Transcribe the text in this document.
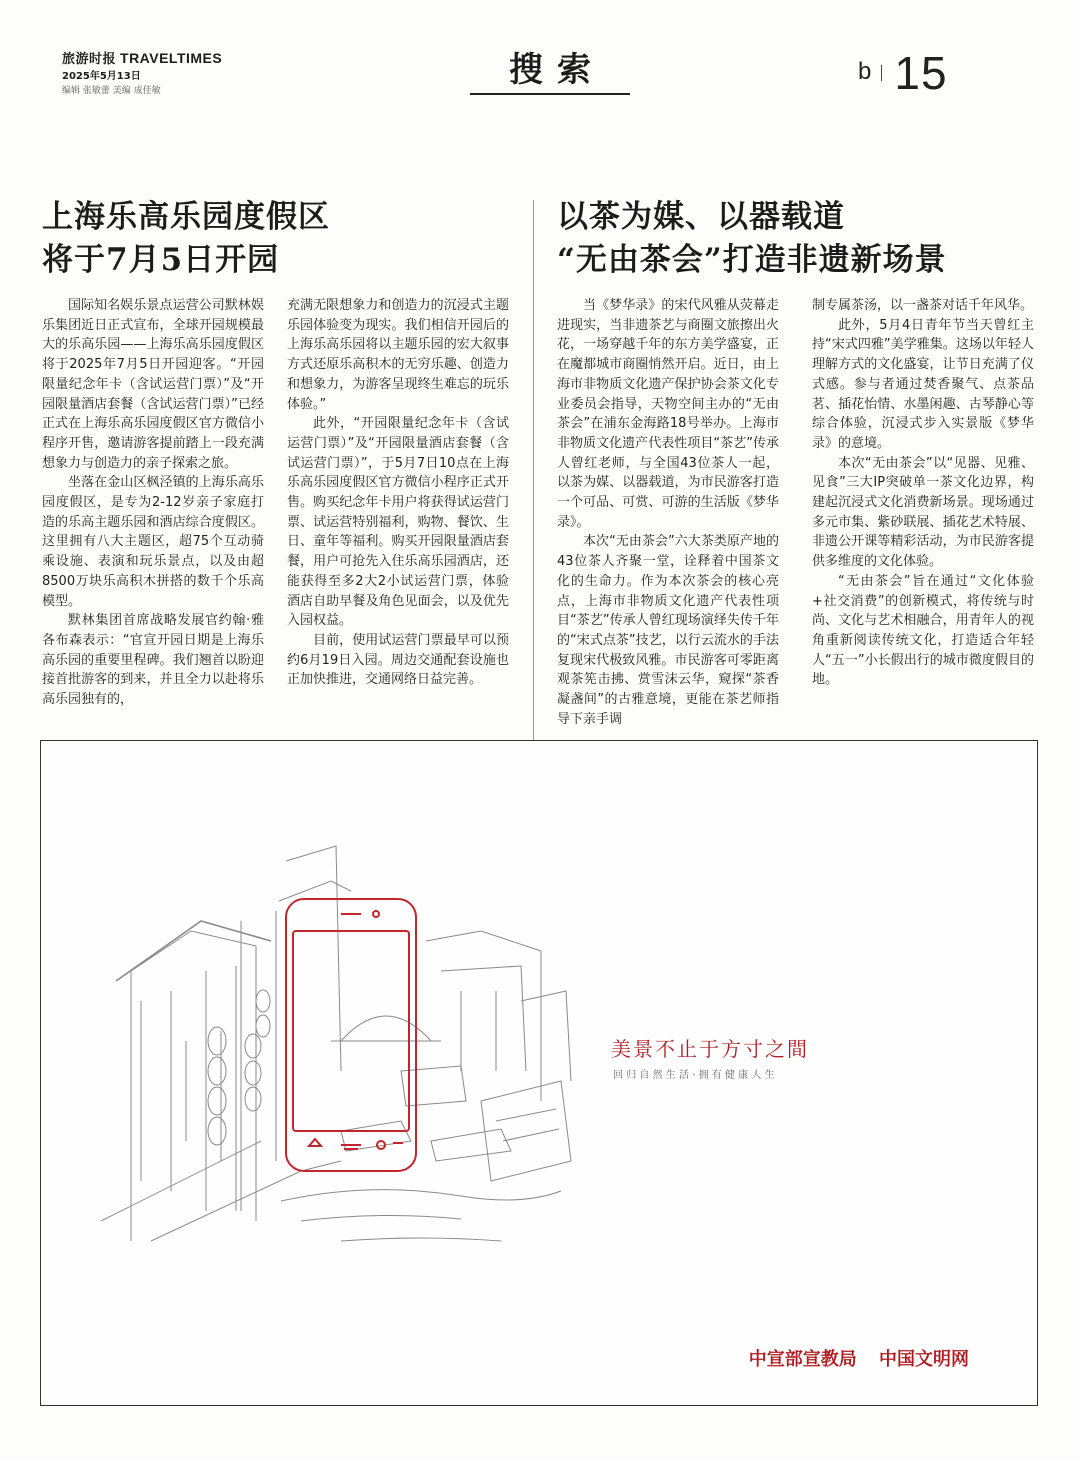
旅游时报 TRAVELTIMES
2025年5月13日
编辑 张敏蕾 美编 成佳敏
搜索	b 15
上海乐高乐园度假区
将于7月5日开园

国际知名娱乐景点运营公司默林娱乐集团近日正式宣布，全球开园规模最大的乐高乐园——上海乐高乐园度假区将于2025年7月5日开园迎客。“开园限量纪念年卡（含试运营门票）”及“开园限量酒店套餐（含试运营门票）”已经正式在上海乐高乐园度假区官方微信小程序开售，邀请游客提前踏上一段充满想象力与创造力的亲子探索之旅。

坐落在金山区枫泾镇的上海乐高乐园度假区，是专为2-12岁亲子家庭打造的乐高主题乐园和酒店综合度假区。这里拥有八大主题区，超75个互动骑乘设施、表演和玩乐景点，以及由超8500万块乐高积木拼搭的数千个乐高模型。

默林集团首席战略发展官约翰·雅各布森表示：“官宣开园日期是上海乐高乐园的重要里程碑。我们翘首以盼迎接首批游客的到来，并且全力以赴将乐高乐园独有的，

充满无限想象力和创造力的沉浸式主题乐园体验变为现实。我们相信开园后的上海乐高乐园将以主题乐园的宏大叙事方式还原乐高积木的无穷乐趣、创造力和想象力，为游客呈现终生难忘的玩乐体验。”

此外，“开园限量纪念年卡（含试运营门票）”及“开园限量酒店套餐（含试运营门票）”，于5月7日10点在上海乐高乐园度假区官方微信小程序正式开售。购买纪念年卡用户将获得试运营门票、试运营特别福利，购物、餐饮、生日、童年等福利。购买开园限量酒店套餐，用户可抢先入住乐高乐园酒店，还能获得至多2大2小试运营门票，体验酒店自助早餐及角色见面会，以及优先入园权益。

目前，使用试运营门票最早可以预约6月19日入园。周边交通配套设施也正加快推进，交通网络日益完善。

以茶为媒、以器载道
“无由茶会”打造非遗新场景

当《梦华录》的宋代风雅从荧幕走进现实，当非遗茶艺与商圈文旅擦出火花，一场穿越千年的东方美学盛宴，正在魔都城市商圈悄然开启。近日，由上海市非物质文化遗产保护协会茶文化专业委员会指导，天物空间主办的“无由茶会”在浦东金海路18号举办。上海市非物质文化遗产代表性项目“茶艺”传承人曾红老师，与全国43位茶人一起，以茶为媒、以器载道，为市民游客打造一个可品、可赏、可游的生活版《梦华录》。

本次“无由茶会”六大茶类原产地的43位茶人齐聚一堂，诠释着中国茶文化的生命力。作为本次茶会的核心亮点，上海市非物质文化遗产代表性项目“茶艺”传承人曾红现场演绎失传千年的“宋式点茶”技艺，以行云流水的手法复现宋代极致风雅。市民游客可零距离观茶筅击拂、赏雪沫云华，窥探“茶香凝盏间”的古雅意境，更能在茶艺师指导下亲手调

制专属茶汤，以一盏茶对话千年风华。

此外，5月4日青年节当天曾红主持“宋式四雅”美学雅集。这场以年轻人理解方式的文化盛宴，让节日充满了仪式感。参与者通过焚香聚气、点茶品茗、插花怡情、水墨闲趣、古琴静心等综合体验，沉浸式步入实景版《梦华录》的意境。

本次“无由茶会”以“见器、见雅、见食”三大IP突破单一茶文化边界，构建起沉浸式文化消费新场景。现场通过多元市集、紫砂联展、插花艺术特展、非遗公开课等精彩活动，为市民游客提供多维度的文化体验。

“无由茶会”旨在通过“文化体验+社交消费”的创新模式，将传统与时尚、文化与艺术相融合，用青年人的视角重新阅读传统文化，打造适合年轻人“五一”小长假出行的城市微度假目的地。

美景不止于方寸之間
回归自然生活·拥有健康人生
中宣部宣教局 中国文明网
